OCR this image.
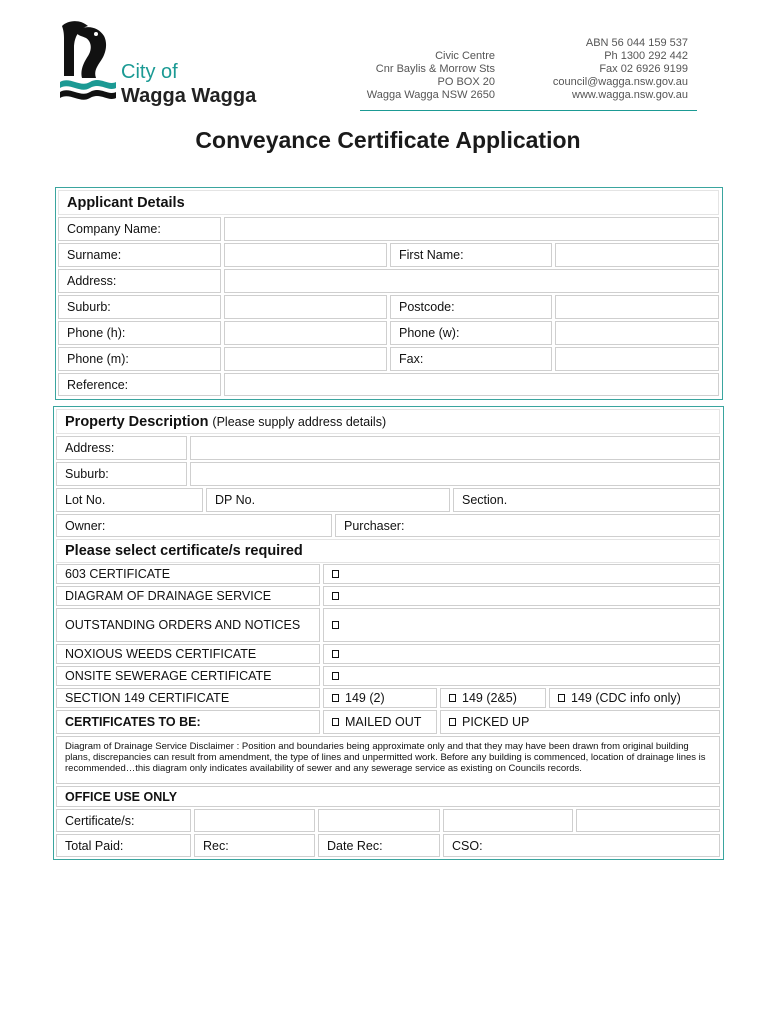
City of
Wagga Wagga
Civic Centre
Cnr Baylis & Morrow Sts
PO BOX 20
Wagga Wagga NSW 2650
ABN 56 044 159 537
Ph 1300 292 442
Fax 02 6926 9199
council@wagga.nsw.gov.au
www.wagga.nsw.gov.au
Conveyance Certificate Application
Applicant Details
Company Name:
Surname:	First Name:
Address:
Suburb:	Postcode:
Phone (h):	Phone (w):
Phone (m):	Fax:
Reference:
Property Description (Please supply address details)
Address:
Suburb:
Lot No.	DP No.	Section.
Owner:	Purchaser:
Please select certificate/s required
603 CERTIFICATE
DIAGRAM OF DRAINAGE SERVICE
OUTSTANDING ORDERS AND NOTICES
NOXIOUS WEEDS CERTIFICATE
ONSITE SEWERAGE CERTIFICATE
SECTION 149 CERTIFICATE	149 (2)	149 (2&5)	149 (CDC info only)
CERTIFICATES TO BE:	MAILED OUT	PICKED UP
Diagram of Drainage Service Disclaimer : Position and boundaries being approximate only and that they may have been drawn from original building plans, discrepancies can result from amendment, the type of lines and unpermitted work. Before any building is commenced, location of drainage lines is recommended…this diagram only indicates availability of sewer and any sewerage service as existing on Councils records.
OFFICE USE ONLY
Certificate/s:
Total Paid:	Rec:	Date Rec:	CSO:
